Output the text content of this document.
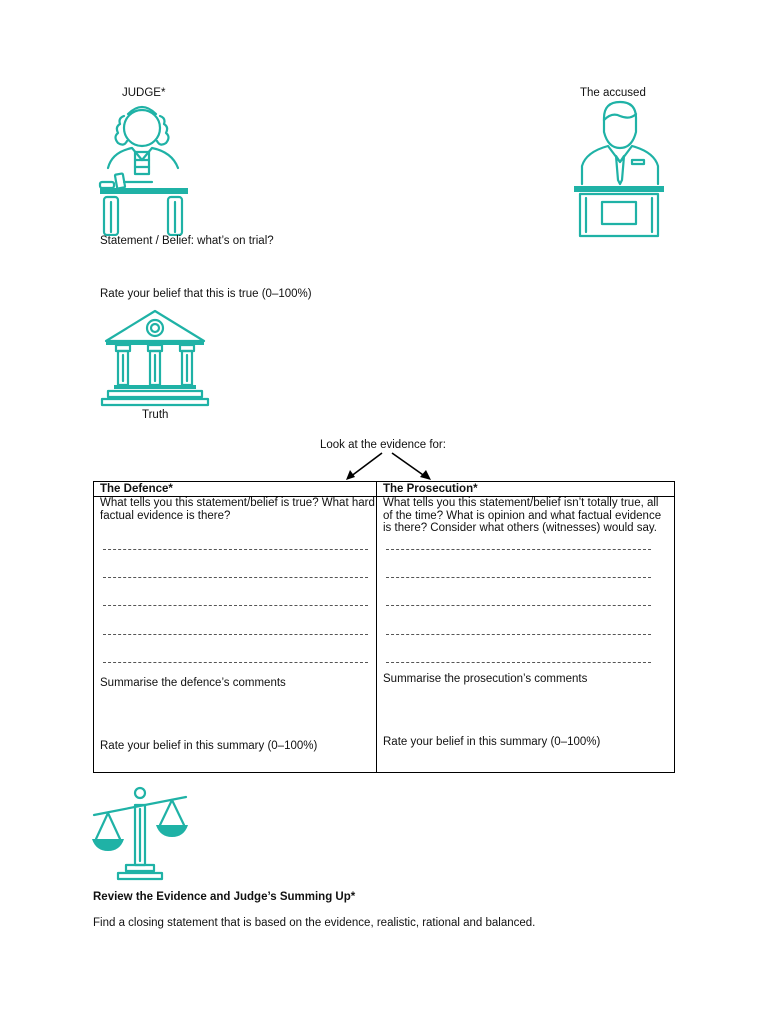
JUDGE*	The accused
Statement / Belief: what’s on trial?
Rate your belief that this is true (0–100%)
Truth
Look at the evidence for:
The Defence*
What tells you this statement/belief is true? What hard factual evidence is there?
Summarise the defence’s comments
Rate your belief in this summary (0–100%)
The Prosecution*
What tells you this statement/belief isn’t totally true, all of the time? What is opinion and what factual evidence is there? Consider what others (witnesses) would say.
Summarise the prosecution’s comments
Rate your belief in this summary (0–100%)
Review the Evidence and Judge’s Summing Up*
Find a closing statement that is based on the evidence, realistic, rational and balanced.
